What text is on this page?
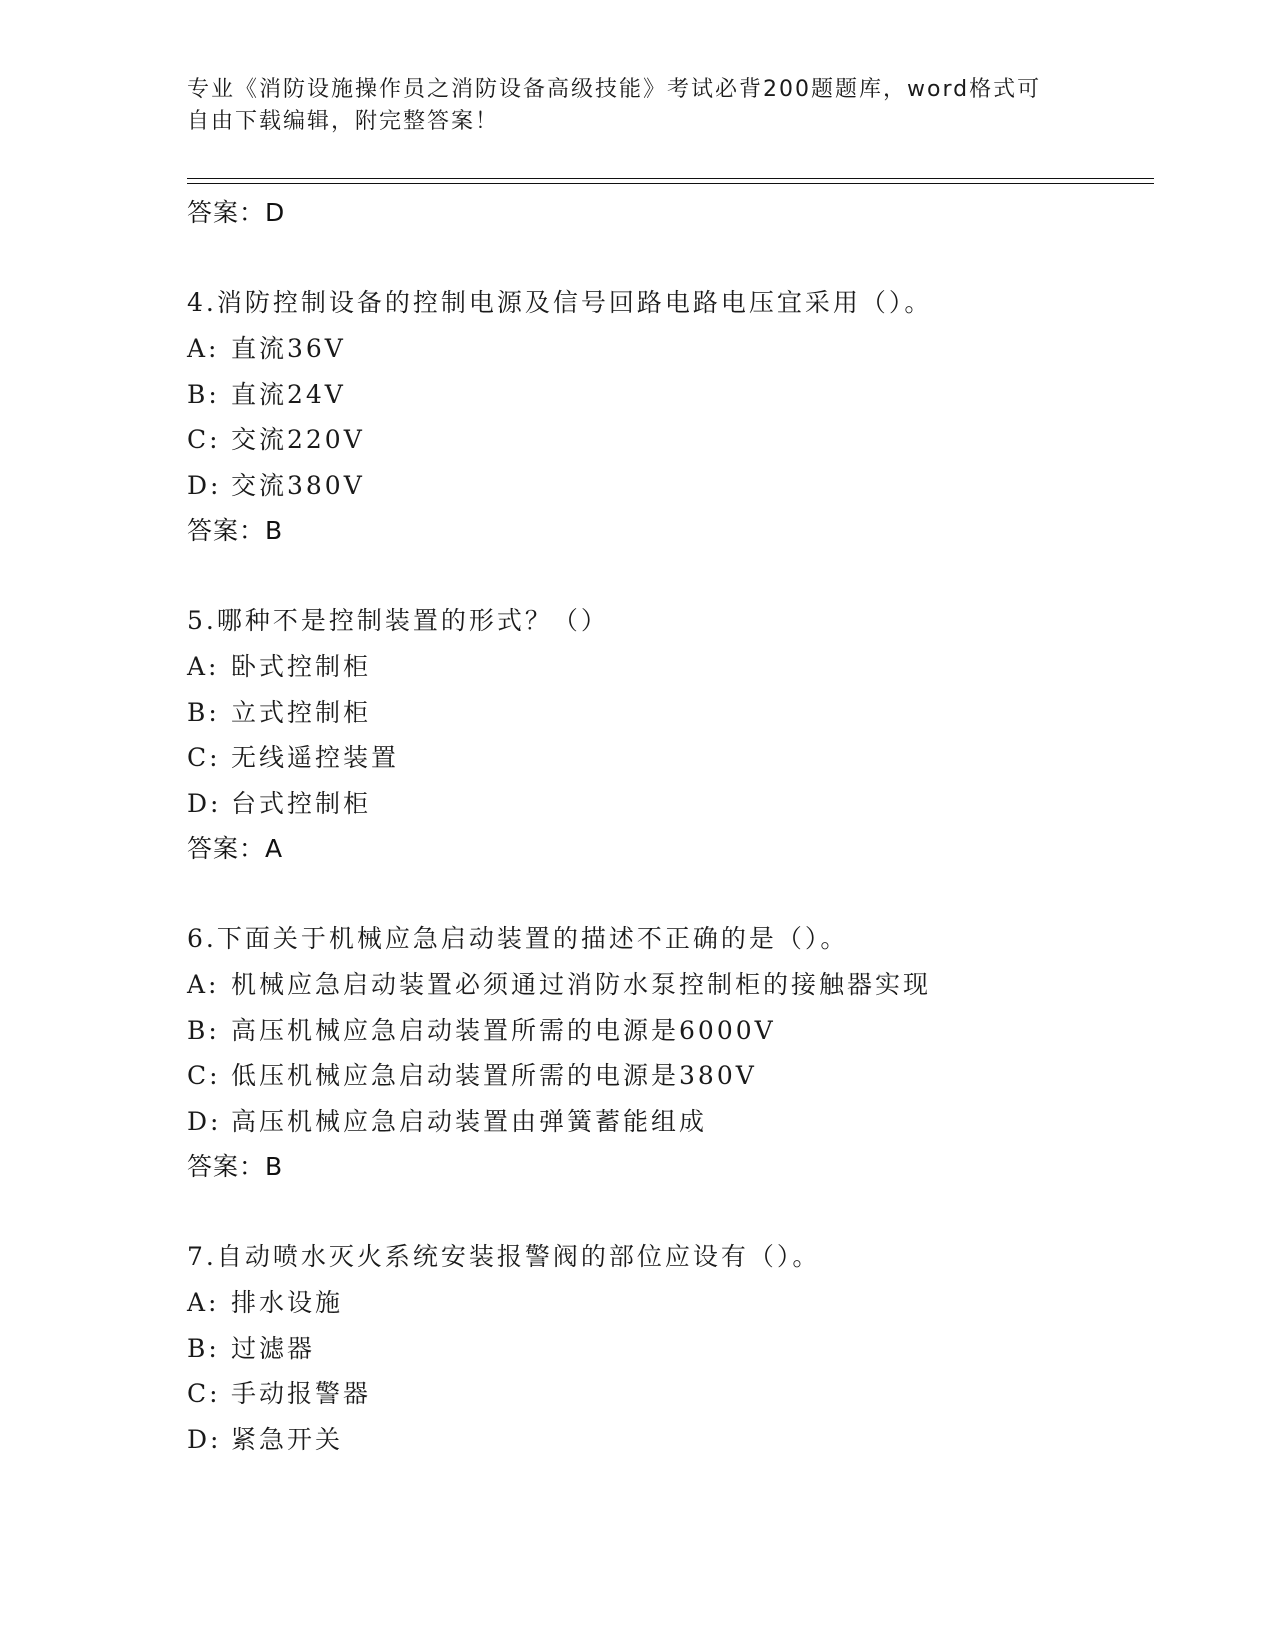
专业《消防设施操作员之消防设备高级技能》考试必背200题题库，word格式可
自由下载编辑，附完整答案！
答案：D
4.消防控制设备的控制电源及信号回路电路电压宜采用（）。
A: 直流36V
B: 直流24V
C: 交流220V
D: 交流380V
答案：B
5.哪种不是控制装置的形式？（）
A: 卧式控制柜
B: 立式控制柜
C: 无线遥控装置
D: 台式控制柜
答案：A
6.下面关于机械应急启动装置的描述不正确的是（）。
A: 机械应急启动装置必须通过消防水泵控制柜的接触器实现
B: 高压机械应急启动装置所需的电源是6000V
C: 低压机械应急启动装置所需的电源是380V
D: 高压机械应急启动装置由弹簧蓄能组成
答案：B
7.自动喷水灭火系统安装报警阀的部位应设有（）。
A: 排水设施
B: 过滤器
C: 手动报警器
D: 紧急开关
